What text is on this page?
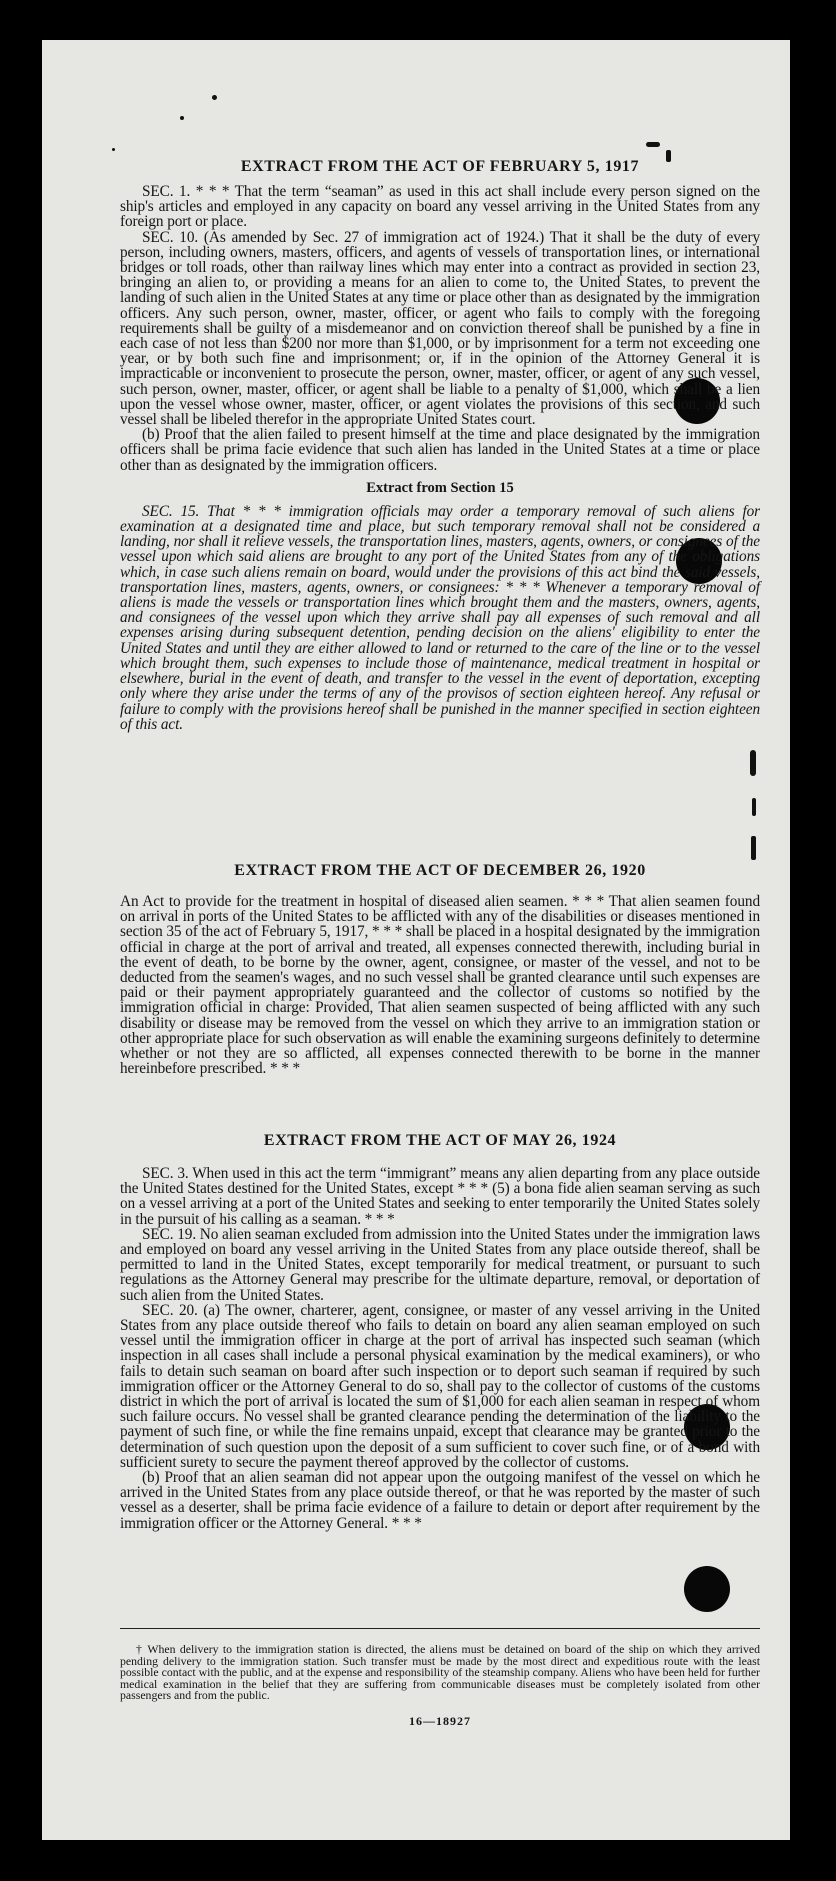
EXTRACT FROM THE ACT OF FEBRUARY 5, 1917

SEC. 1. * * * That the term “seaman” as used in this act shall include every person signed on the ship's articles and employed in any capacity on board any vessel arriving in the United States from any foreign port or place.

SEC. 10. (As amended by Sec. 27 of immigration act of 1924.) That it shall be the duty of every person, including owners, masters, officers, and agents of vessels of transportation lines, or international bridges or toll roads, other than railway lines which may enter into a contract as provided in section 23, bringing an alien to, or providing a means for an alien to come to, the United States, to prevent the landing of such alien in the United States at any time or place other than as designated by the immigration officers. Any such person, owner, master, officer, or agent who fails to comply with the foregoing requirements shall be guilty of a misdemeanor and on conviction thereof shall be punished by a fine in each case of not less than $200 nor more than $1,000, or by imprisonment for a term not exceeding one year, or by both such fine and imprisonment; or, if in the opinion of the Attorney General it is impracticable or inconvenient to prosecute the person, owner, master, officer, or agent of any such vessel, such person, owner, master, officer, or agent shall be liable to a penalty of $1,000, which shall be a lien upon the vessel whose owner, master, officer, or agent violates the provisions of this section, and such vessel shall be libeled therefor in the appropriate United States court.

(b) Proof that the alien failed to present himself at the time and place designated by the immigration officers shall be prima facie evidence that such alien has landed in the United States at a time or place other than as designated by the immigration officers.

Extract from Section 15

SEC. 15. That * * * immigration officials may order a temporary removal of such aliens for examination at a designated time and place, but such temporary removal shall not be considered a landing, nor shall it relieve vessels, the transportation lines, masters, agents, owners, or consignees of the vessel upon which said aliens are brought to any port of the United States from any of the obligations which, in case such aliens remain on board, would under the provisions of this act bind the said vessels, transportation lines, masters, agents, owners, or consignees: * * * Whenever a temporary removal of aliens is made the vessels or transportation lines which brought them and the masters, owners, agents, and consignees of the vessel upon which they arrive shall pay all expenses of such removal and all expenses arising during subsequent detention, pending decision on the aliens' eligibility to enter the United States and until they are either allowed to land or returned to the care of the line or to the vessel which brought them, such expenses to include those of maintenance, medical treatment in hospital or elsewhere, burial in the event of death, and transfer to the vessel in the event of deportation, excepting only where they arise under the terms of any of the provisos of section eighteen hereof. Any refusal or failure to comply with the provisions hereof shall be punished in the manner specified in section eighteen of this act.

EXTRACT FROM THE ACT OF DECEMBER 26, 1920

An Act to provide for the treatment in hospital of diseased alien seamen. * * * That alien seamen found on arrival in ports of the United States to be afflicted with any of the disabilities or diseases mentioned in section 35 of the act of February 5, 1917, * * * shall be placed in a hospital designated by the immigration official in charge at the port of arrival and treated, all expenses connected therewith, including burial in the event of death, to be borne by the owner, agent, consignee, or master of the vessel, and not to be deducted from the seamen's wages, and no such vessel shall be granted clearance until such expenses are paid or their payment appropriately guaranteed and the collector of customs so notified by the immigration official in charge: Provided, That alien seamen suspected of being afflicted with any such disability or disease may be removed from the vessel on which they arrive to an immigration station or other appropriate place for such observation as will enable the examining surgeons definitely to determine whether or not they are so afflicted, all expenses connected therewith to be borne in the manner hereinbefore prescribed. * * *

EXTRACT FROM THE ACT OF MAY 26, 1924

SEC. 3. When used in this act the term “immigrant” means any alien departing from any place outside the United States destined for the United States, except * * * (5) a bona fide alien seaman serving as such on a vessel arriving at a port of the United States and seeking to enter temporarily the United States solely in the pursuit of his calling as a seaman. * * *

SEC. 19. No alien seaman excluded from admission into the United States under the immigration laws and employed on board any vessel arriving in the United States from any place outside thereof, shall be permitted to land in the United States, except temporarily for medical treatment, or pursuant to such regulations as the Attorney General may prescribe for the ultimate departure, removal, or deportation of such alien from the United States.

SEC. 20. (a) The owner, charterer, agent, consignee, or master of any vessel arriving in the United States from any place outside thereof who fails to detain on board any alien seaman employed on such vessel until the immigration officer in charge at the port of arrival has inspected such seaman (which inspection in all cases shall include a personal physical examination by the medical examiners), or who fails to detain such seaman on board after such inspection or to deport such seaman if required by such immigration officer or the Attorney General to do so, shall pay to the collector of customs of the customs district in which the port of arrival is located the sum of $1,000 for each alien seaman in respect of whom such failure occurs. No vessel shall be granted clearance pending the determination of the liability to the payment of such fine, or while the fine remains unpaid, except that clearance may be granted prior to the determination of such question upon the deposit of a sum sufficient to cover such fine, or of a bond with sufficient surety to secure the payment thereof approved by the collector of customs.

(b) Proof that an alien seaman did not appear upon the outgoing manifest of the vessel on which he arrived in the United States from any place outside thereof, or that he was reported by the master of such vessel as a deserter, shall be prima facie evidence of a failure to detain or deport after requirement by the immigration officer or the Attorney General. * * *

† When delivery to the immigration station is directed, the aliens must be detained on board of the ship on which they arrived pending delivery to the immigration station. Such transfer must be made by the most direct and expeditious route with the least possible contact with the public, and at the expense and responsibility of the steamship company. Aliens who have been held for further medical examination in the belief that they are suffering from communicable diseases must be completely isolated from other passengers and from the public.

16—18927
